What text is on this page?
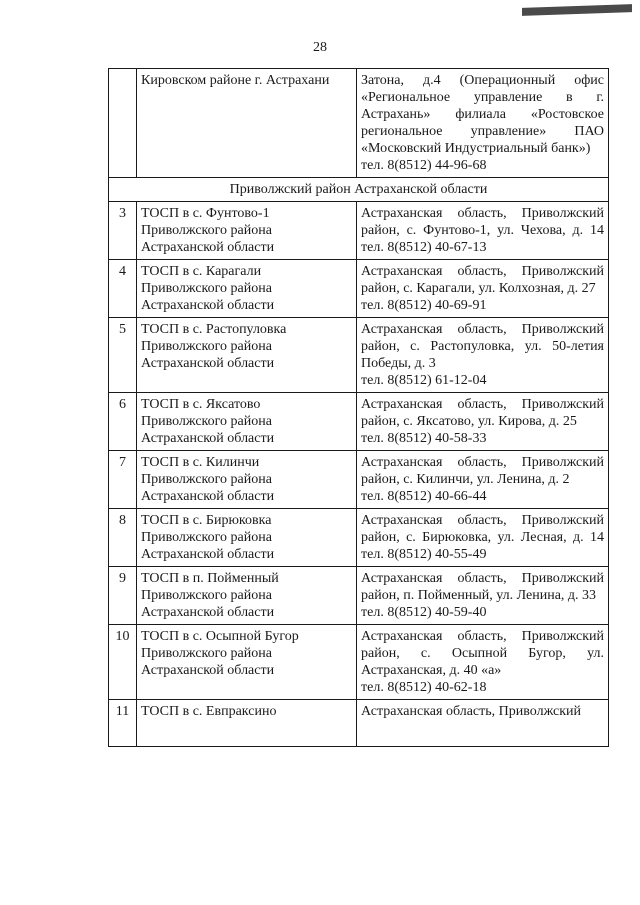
28
	Кировском районе г. Астрахани	Затона, д.4 (Операционный офис «Региональное управление в г. Астрахань» филиала «Ростовское региональное управление» ПАО «Московский Индустриальный банк»)
тел. 8(8512) 44-96-68

Приволжский район Астраханской области		
3	ТОСП в с. Фунтово-1
Приволжского района
Астраханской области	Астраханская область, Приволжский район, с. Фунтово-1, ул. Чехова, д. 14 тел. 8(8512) 40-67-13

4	ТОСП в с. Карагали
Приволжского района
Астраханской области	Астраханская область, Приволжский район, с. Карагали, ул. Колхозная, д. 27
тел. 8(8512) 40-69-91

5	ТОСП в с. Растопуловка
Приволжского района
Астраханской области	Астраханская область, Приволжский район, с. Растопуловка, ул. 50-летия Победы, д. 3
тел. 8(8512) 61-12-04

6	ТОСП в с. Яксатово
Приволжского района
Астраханской области	Астраханская область, Приволжский район, с. Яксатово, ул. Кирова, д. 25
тел. 8(8512) 40-58-33

7	ТОСП в с. Килинчи
Приволжского района
Астраханской области	Астраханская область, Приволжский район, с. Килинчи, ул. Ленина, д. 2
тел. 8(8512) 40-66-44

8	ТОСП в с. Бирюковка
Приволжского района
Астраханской области	Астраханская область, Приволжский район, с. Бирюковка, ул. Лесная, д. 14 тел. 8(8512) 40-55-49

9	ТОСП в п. Пойменный
Приволжского района
Астраханской области	Астраханская область, Приволжский район, п. Пойменный, ул. Ленина, д. 33
тел. 8(8512) 40-59-40

10	ТОСП в с. Осыпной Бугор
Приволжского района
Астраханской области	Астраханская область, Приволжский район, с. Осыпной Бугор, ул. Астраханская, д. 40 «а»
тел. 8(8512) 40-62-18

11	ТОСП в с. Евпраксино	Астраханская область, Приволжский
